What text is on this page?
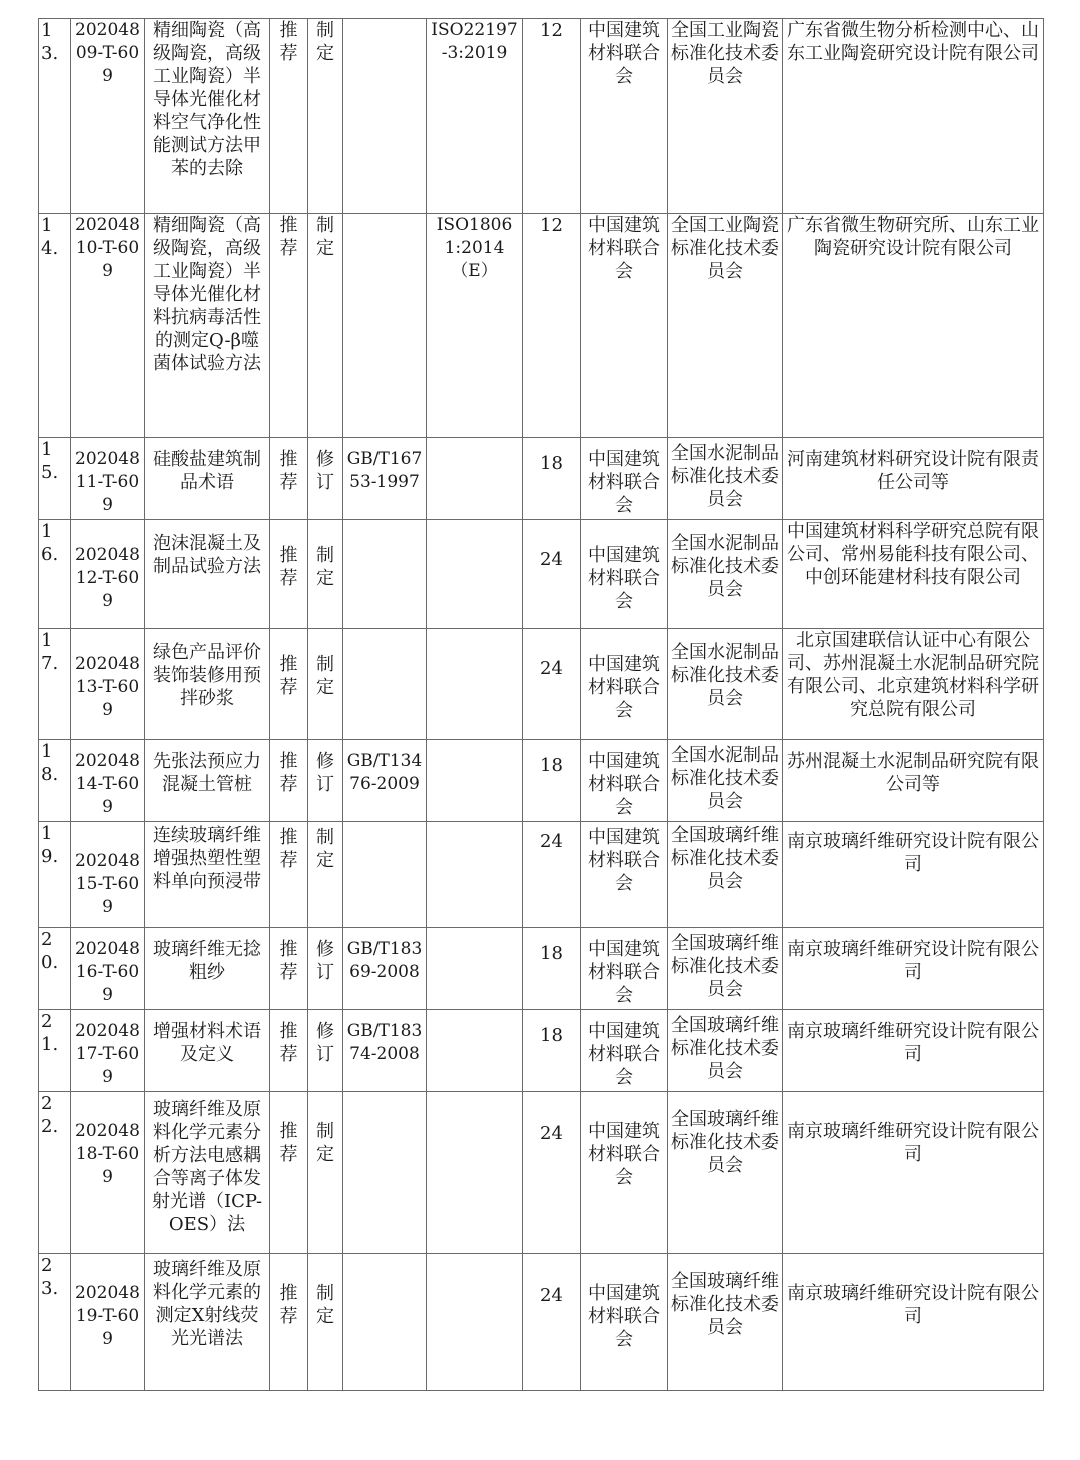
13.	20204809-T-609	精细陶瓷（高级陶瓷，高级工业陶瓷）半导体光催化材料空气净化性能测试方法甲苯的去除	推荐	制定		ISO22197-3:2019	12	中国建筑材料联合会	全国工业陶瓷标准化技术委员会	广东省微生物分析检测中心、山东工业陶瓷研究设计院有限公司
14.	20204810-T-609	精细陶瓷（高级陶瓷，高级工业陶瓷）半导体光催化材料抗病毒活性的测定Q-β噬菌体试验方法	推荐	制定		ISO18061:2014（E）	12	中国建筑材料联合会	全国工业陶瓷标准化技术委员会	广东省微生物研究所、山东工业陶瓷研究设计院有限公司
15.	20204811-T-609	硅酸盐建筑制品术语	推荐	修订	GB/T16753-1997		18	中国建筑材料联合会	全国水泥制品标准化技术委员会	河南建筑材料研究设计院有限责任公司等
16.	20204812-T-609	泡沫混凝土及制品试验方法	推荐	制定			24	中国建筑材料联合会	全国水泥制品标准化技术委员会	中国建筑材料科学研究总院有限公司、常州易能科技有限公司、中创环能建材科技有限公司
17.	20204813-T-609	绿色产品评价装饰装修用预拌砂浆	推荐	制定			24	中国建筑材料联合会	全国水泥制品标准化技术委员会	北京国建联信认证中心有限公司、苏州混凝土水泥制品研究院有限公司、北京建筑材料科学研究总院有限公司
18.	20204814-T-609	先张法预应力混凝土管桩	推荐	修订	GB/T13476-2009		18	中国建筑材料联合会	全国水泥制品标准化技术委员会	苏州混凝土水泥制品研究院有限公司等
19.	20204815-T-609	连续玻璃纤维增强热塑性塑料单向预浸带	推荐	制定			24	中国建筑材料联合会	全国玻璃纤维标准化技术委员会	南京玻璃纤维研究设计院有限公司
20.	20204816-T-609	玻璃纤维无捻粗纱	推荐	修订	GB/T18369-2008		18	中国建筑材料联合会	全国玻璃纤维标准化技术委员会	南京玻璃纤维研究设计院有限公司
21.	20204817-T-609	增强材料术语及定义	推荐	修订	GB/T18374-2008		18	中国建筑材料联合会	全国玻璃纤维标准化技术委员会	南京玻璃纤维研究设计院有限公司
22.	20204818-T-609	玻璃纤维及原料化学元素分析方法电感耦合等离子体发射光谱（ICP-OES）法	推荐	制定			24	中国建筑材料联合会	全国玻璃纤维标准化技术委员会	南京玻璃纤维研究设计院有限公司
23.	20204819-T-609	玻璃纤维及原料化学元素的测定X射线荧光光谱法	推荐	制定			24	中国建筑材料联合会	全国玻璃纤维标准化技术委员会	南京玻璃纤维研究设计院有限公司
